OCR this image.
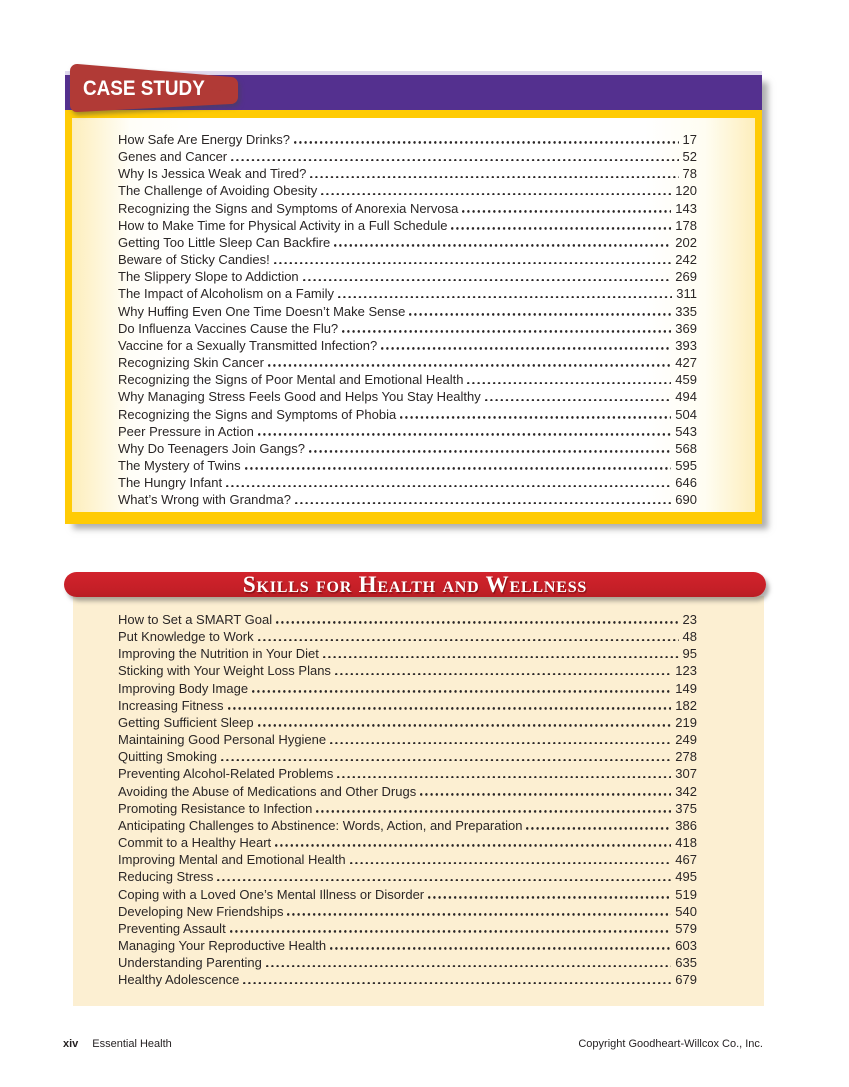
CASE STUDY
How Safe Are Energy Drinks?	17
Genes and Cancer	52
Why Is Jessica Weak and Tired?	78
The Challenge of Avoiding Obesity	120
Recognizing the Signs and Symptoms of Anorexia Nervosa	143
How to Make Time for Physical Activity in a Full Schedule	178
Getting Too Little Sleep Can Backfire	202
Beware of Sticky Candies!	242
The Slippery Slope to Addiction	269
The Impact of Alcoholism on a Family	311
Why Huffing Even One Time Doesn’t Make Sense	335
Do Influenza Vaccines Cause the Flu?	369
Vaccine for a Sexually Transmitted Infection?	393
Recognizing Skin Cancer	427
Recognizing the Signs of Poor Mental and Emotional Health	459
Why Managing Stress Feels Good and Helps You Stay Healthy	494
Recognizing the Signs and Symptoms of Phobia	504
Peer Pressure in Action	543
Why Do Teenagers Join Gangs?	568
The Mystery of Twins	595
The Hungry Infant	646
What’s Wrong with Grandma?	690
Skills for Health and Wellness
How to Set a SMART Goal	23
Put Knowledge to Work	48
Improving the Nutrition in Your Diet	95
Sticking with Your Weight Loss Plans	123
Improving Body Image	149
Increasing Fitness	182
Getting Sufficient Sleep	219
Maintaining Good Personal Hygiene	249
Quitting Smoking	278
Preventing Alcohol-Related Problems	307
Avoiding the Abuse of Medications and Other Drugs	342
Promoting Resistance to Infection	375
Anticipating Challenges to Abstinence: Words, Action, and Preparation	386
Commit to a Healthy Heart	418
Improving Mental and Emotional Health	467
Reducing Stress	495
Coping with a Loved One’s Mental Illness or Disorder	519
Developing New Friendships	540
Preventing Assault	579
Managing Your Reproductive Health	603
Understanding Parenting	635
Healthy Adolescence	679
xiv Essential Health	Copyright Goodheart-Willcox Co., Inc.
